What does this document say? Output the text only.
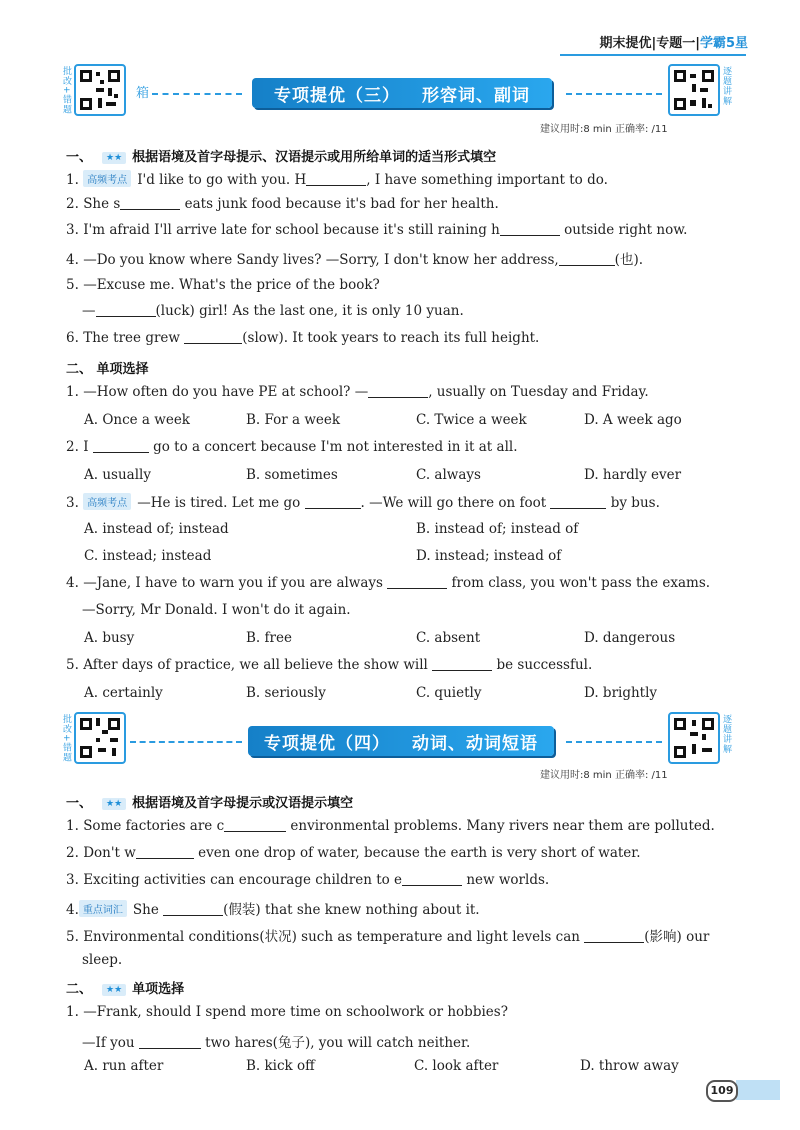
期末提优|专题一|学霸5星
批改+错题	箱	专项提优（三） 形容词、副词	逐题讲解
建议用时:8 min 正确率: /11
一、 ★★ 根据语境及首字母提示、汉语提示或用所给单词的适当形式填空
1. 高频考点 I'd like to go with you. H	, I have something important to do.
2. She s	eats junk food because it's bad for her health.
3. I'm afraid I'll arrive late for school because it's still raining h	outside right now.
4. —Do you know where Sandy lives? —Sorry, I don't know her address,	(也).
5. —Excuse me. What's the price of the book?
—	(luck) girl! As the last one, it is only 10 yuan.
6. The tree grew	(slow). It took years to reach its full height.
二、 单项选择
1. —How often do you have PE at school? —	, usually on Tuesday and Friday.
A. Once a week	B. For a week	C. Twice a week	D. A week ago
2. I	go to a concert because I'm not interested in it at all.
A. usually	B. sometimes	C. always	D. hardly ever
3. 高频考点 —He is tired. Let me go	. —We will go there on foot	by bus.
A. instead of; instead	B. instead of; instead of
C. instead; instead	D. instead; instead of
4. —Jane, I have to warn you if you are always	from class, you won't pass the exams.
—Sorry, Mr Donald. I won't do it again.
A. busy	B. free	C. absent	D. dangerous
5. After days of practice, we all believe the show will	be successful.
A. certainly	B. seriously	C. quietly	D. brightly
批改+错题	专项提优（四） 动词、动词短语	逐题讲解
建议用时:8 min 正确率: /11
一、 ★★ 根据语境及首字母提示或汉语提示填空
1. Some factories are c	environmental problems. Many rivers near them are polluted.
2. Don't w	even one drop of water, because the earth is very short of water.
3. Exciting activities can encourage children to e	new worlds.
4. 重点词汇 She	(假装) that she knew nothing about it.
5. Environmental conditions(状况) such as temperature and light levels can	(影响) our
sleep.
二、 ★★ 单项选择
1. —Frank, should I spend more time on schoolwork or hobbies?
—If you	two hares(兔子), you will catch neither.
A. run after	B. kick off	C. look after	D. throw away
109
